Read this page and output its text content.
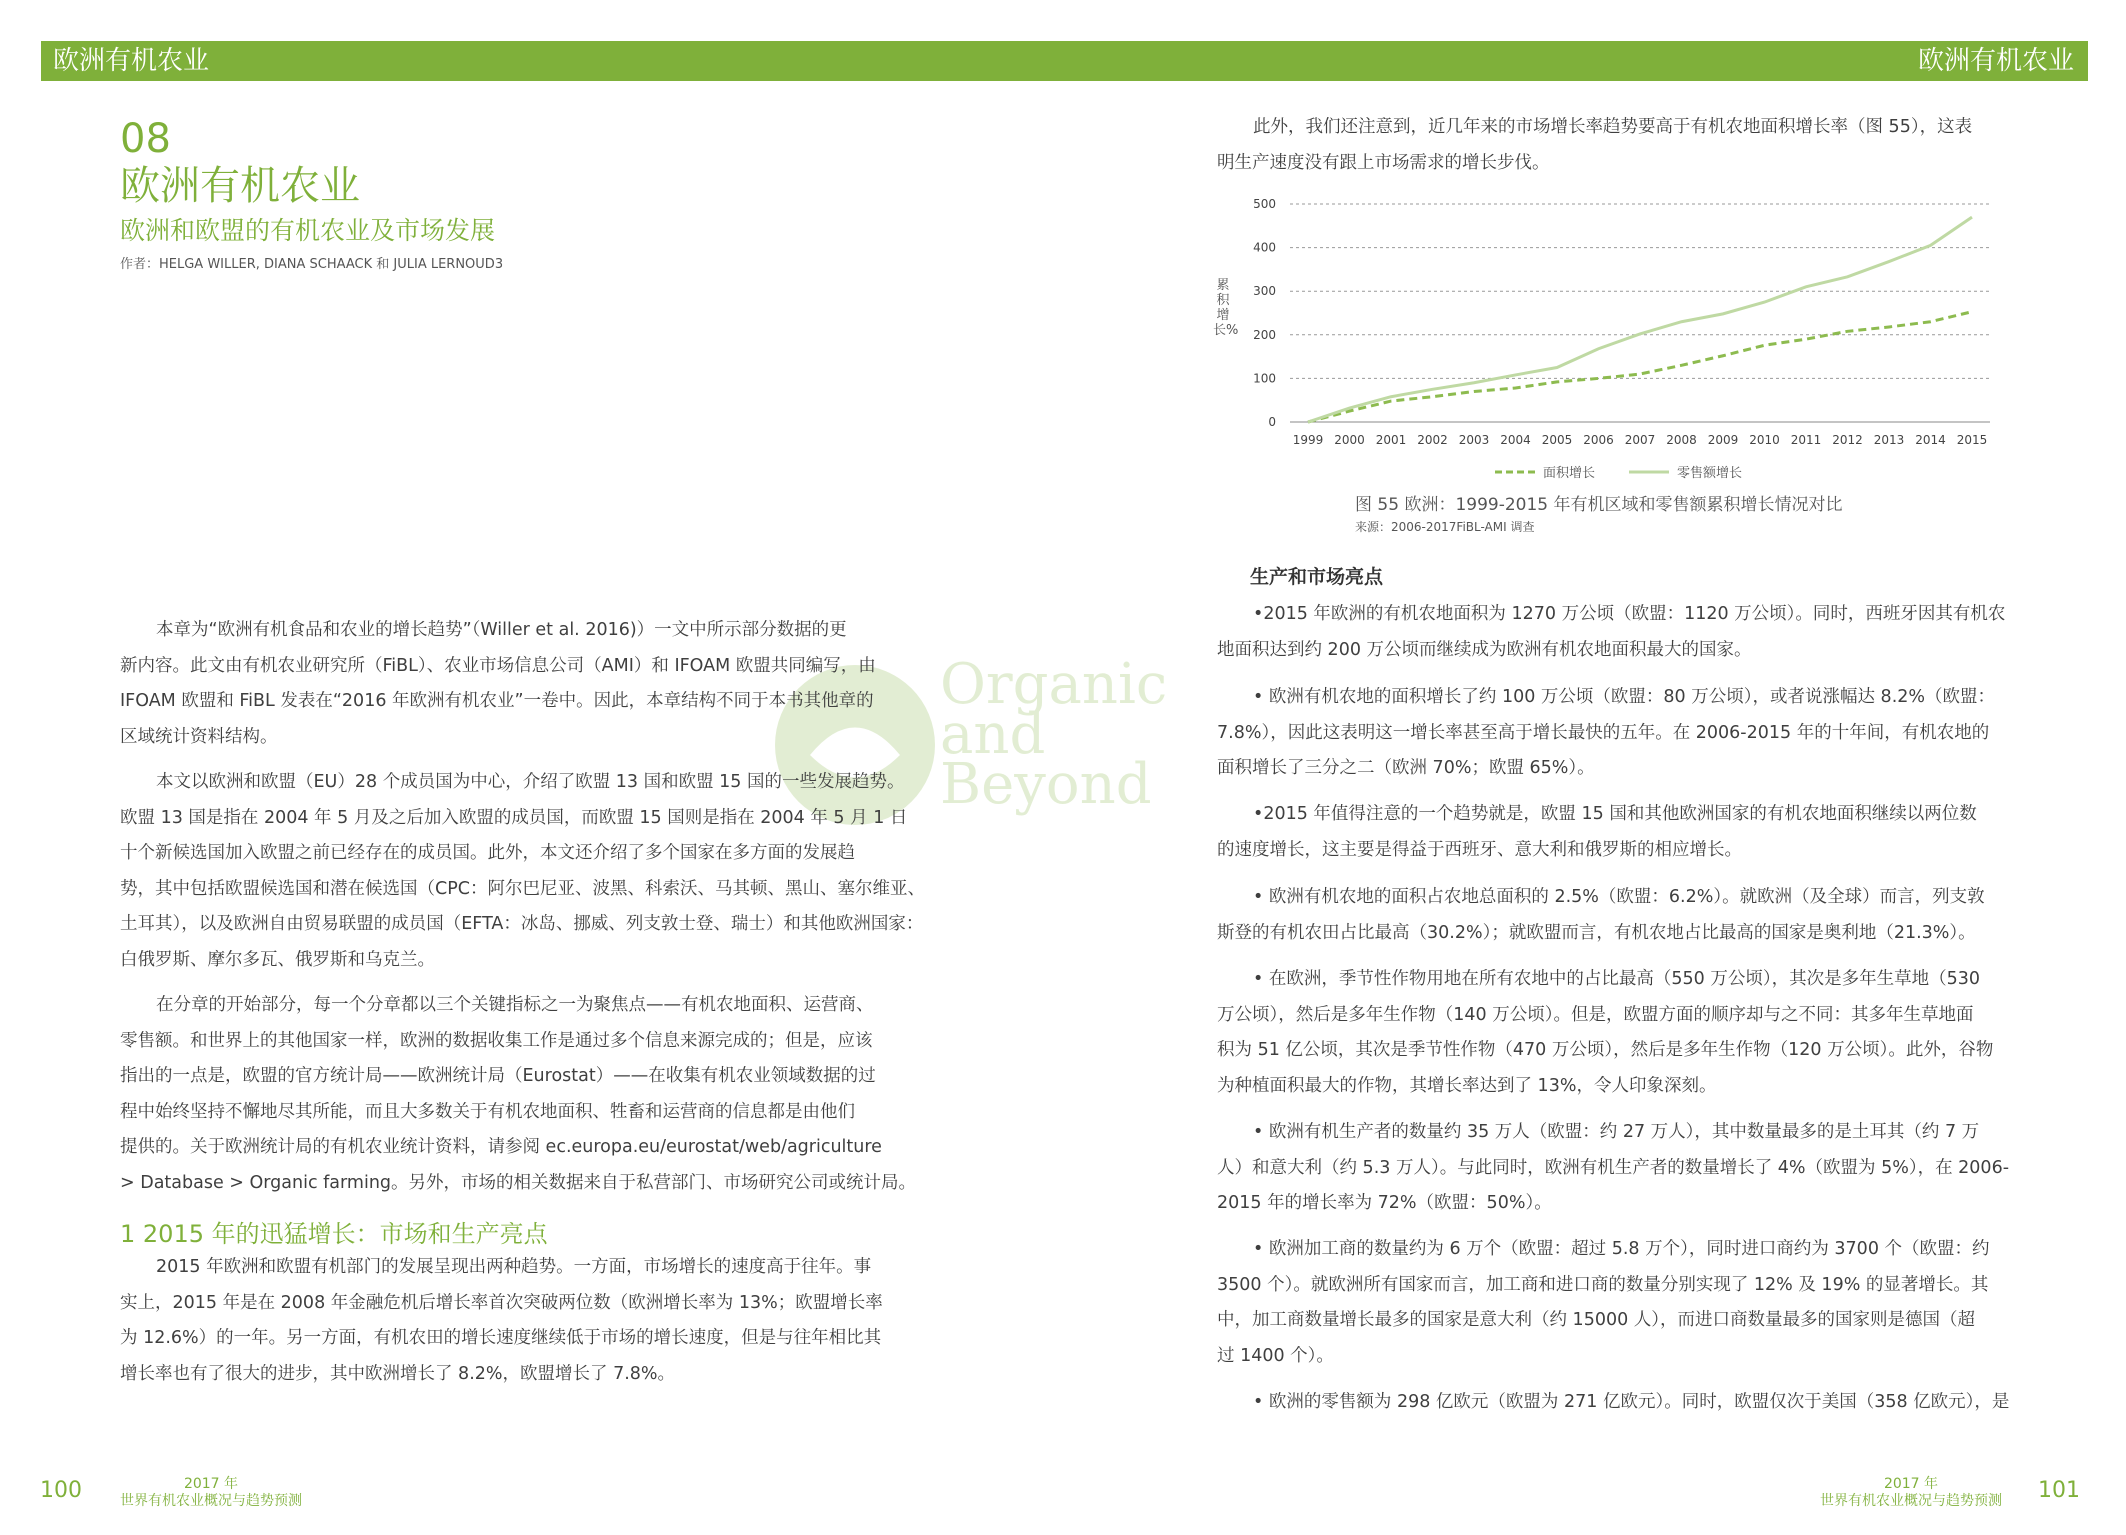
欧洲有机农业	欧洲有机农业
08
欧洲有机农业
欧洲和欧盟的有机农业及市场发展
作者：HELGA WILLER, DIANA SCHAACK 和 JULIA LERNOUD3
Organic
and
Beyond
本章为“欧洲有机食品和农业的增长趋势”（Willer et al. 2016)）一文中所示部分数据的更
新内容。此文由有机农业研究所（FiBL）、农业市场信息公司（AMI）和 IFOAM 欧盟共同编写，由
IFOAM 欧盟和 FiBL 发表在“2016 年欧洲有机农业”一卷中。因此，本章结构不同于本书其他章的
区域统计资料结构。
本文以欧洲和欧盟（EU）28 个成员国为中心，介绍了欧盟 13 国和欧盟 15 国的一些发展趋势。
欧盟 13 国是指在 2004 年 5 月及之后加入欧盟的成员国，而欧盟 15 国则是指在 2004 年 5 月 1 日
十个新候选国加入欧盟之前已经存在的成员国。此外，本文还介绍了多个国家在多方面的发展趋
势，其中包括欧盟候选国和潜在候选国（CPC：阿尔巴尼亚、波黑、科索沃、马其顿、黑山、塞尔维亚、
土耳其），以及欧洲自由贸易联盟的成员国（EFTA：冰岛、挪威、列支敦士登、瑞士）和其他欧洲国家：
白俄罗斯、摩尔多瓦、俄罗斯和乌克兰。
在分章的开始部分，每一个分章都以三个关键指标之一为聚焦点——有机农地面积、运营商、
零售额。和世界上的其他国家一样，欧洲的数据收集工作是通过多个信息来源完成的；但是，应该
指出的一点是，欧盟的官方统计局——欧洲统计局（Eurostat）——在收集有机农业领域数据的过
程中始终坚持不懈地尽其所能，而且大多数关于有机农地面积、牲畜和运营商的信息都是由他们
提供的。关于欧洲统计局的有机农业统计资料，请参阅 ec.europa.eu/eurostat/web/agriculture
> Database > Organic farming。另外，市场的相关数据来自于私营部门、市场研究公司或统计局。
1 2015 年的迅猛增长：市场和生产亮点
2015 年欧洲和欧盟有机部门的发展呈现出两种趋势。一方面，市场增长的速度高于往年。事
实上，2015 年是在 2008 年金融危机后增长率首次突破两位数（欧洲增长率为 13%；欧盟增长率
为 12.6%）的一年。另一方面，有机农田的增长速度继续低于市场的增长速度，但是与往年相比其
增长率也有了很大的进步，其中欧洲增长了 8.2%，欧盟增长了 7.8%。
此外，我们还注意到，近几年来的市场增长率趋势要高于有机农地面积增长率（图 55），这表
明生产速度没有跟上市场需求的增长步伐。
0
100
200
300
400
500
1999 2000 2001 2002 2003 2004 2005 2006 2007 2008 2009 2010 2011 2012 2013 2014 2015
累积增长%
面积增长	零售额增长
图 55 欧洲：1999-2015 年有机区域和零售额累积增长情况对比
来源：2006-2017FiBL-AMI 调查
生产和市场亮点
•2015 年欧洲的有机农地面积为 1270 万公顷（欧盟：1120 万公顷）。同时，西班牙因其有机农
地面积达到约 200 万公顷而继续成为欧洲有机农地面积最大的国家。
• 欧洲有机农地的面积增长了约 100 万公顷（欧盟：80 万公顷），或者说涨幅达 8.2%（欧盟：
7.8%），因此这表明这一增长率甚至高于增长最快的五年。在 2006-2015 年的十年间，有机农地的
面积增长了三分之二（欧洲 70%；欧盟 65%）。
•2015 年值得注意的一个趋势就是，欧盟 15 国和其他欧洲国家的有机农地面积继续以两位数
的速度增长，这主要是得益于西班牙、意大利和俄罗斯的相应增长。
• 欧洲有机农地的面积占农地总面积的 2.5%（欧盟：6.2%）。就欧洲（及全球）而言，列支敦
斯登的有机农田占比最高（30.2%）；就欧盟而言，有机农地占比最高的国家是奥利地（21.3%）。
• 在欧洲，季节性作物用地在所有农地中的占比最高（550 万公顷），其次是多年生草地（530
万公顷），然后是多年生作物（140 万公顷）。但是，欧盟方面的顺序却与之不同：其多年生草地面
积为 51 亿公顷，其次是季节性作物（470 万公顷），然后是多年生作物（120 万公顷）。此外，谷物
为种植面积最大的作物，其增长率达到了 13%，令人印象深刻。
• 欧洲有机生产者的数量约 35 万人（欧盟：约 27 万人），其中数量最多的是土耳其（约 7 万
人）和意大利（约 5.3 万人）。与此同时，欧洲有机生产者的数量增长了 4%（欧盟为 5%），在 2006-
2015 年的增长率为 72%（欧盟：50%）。
• 欧洲加工商的数量约为 6 万个（欧盟：超过 5.8 万个），同时进口商约为 3700 个（欧盟：约
3500 个）。就欧洲所有国家而言，加工商和进口商的数量分别实现了 12% 及 19% 的显著增长。其
中，加工商数量增长最多的国家是意大利（约 15000 人），而进口商数量最多的国家则是德国（超
过 1400 个）。
• 欧洲的零售额为 298 亿欧元（欧盟为 271 亿欧元）。同时，欧盟仅次于美国（358 亿欧元），是
100	2017 年
世界有机农业概况与趋势预测
2017 年
世界有机农业概况与趋势预测 101
